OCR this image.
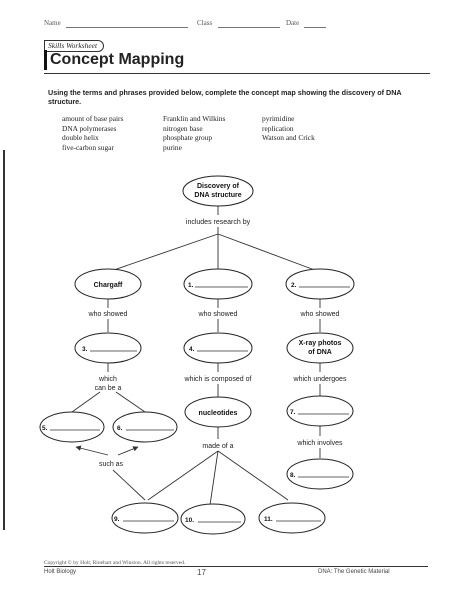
Name	Class	Date
Skills Worksheet
Concept Mapping
Using the terms and phrases provided below, complete the concept map showing the discovery of DNA structure.
amount of base pairs
DNA polymerases
double helix
five-carbon sugar
Franklin and Wilkins
nitrogen base
phosphate group
purine
pyrimidine
replication
Watson and Crick
Discovery of
DNA structure
Chargaff
X-ray photos
of DNA
nucleotides
1.	2.
3.	4.
5.	6.
7.
8.
9.	10.	11.
includes research by
who showed	who showed	who showed
which
can be a
which is composed of	which undergoes
which involves
made of a
such as
Copyright © by Holt, Rinehart and Winston. All rights reserved.
Holt Biology	17	DNA: The Genetic Material
